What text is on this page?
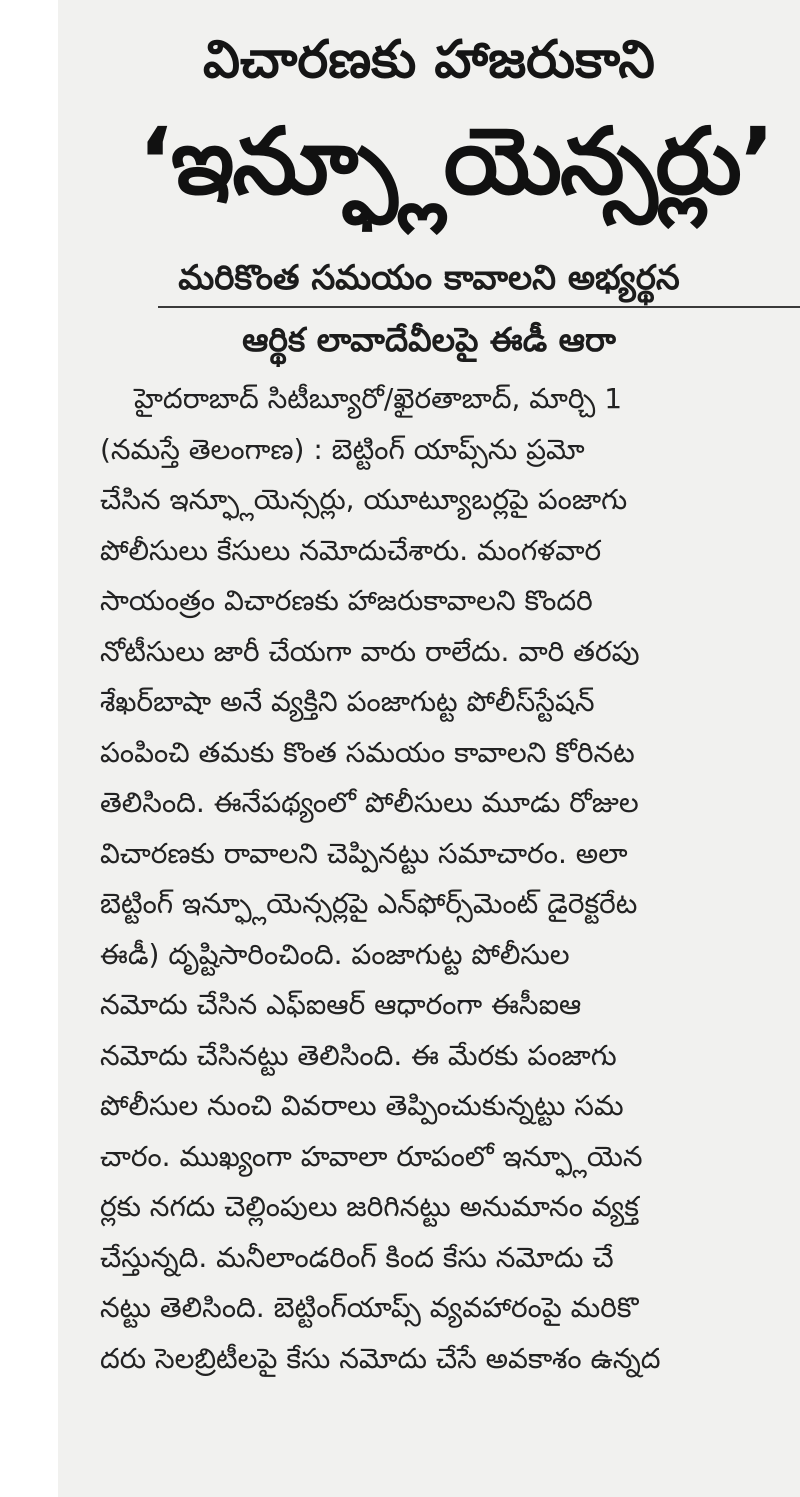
విచారణకు హాజరుకాని
‘ఇన్ఫ్లూయెన్సర్లు’
మరికొంత సమయం కావాలని అభ్యర్థన
ఆర్థిక లావాదేవీలపై ఈడీ ఆరా
హైదరాబాద్ సిటీబ్యూరో/ఖైరతాబాద్, మార్చి 1
(నమస్తే తెలంగాణ) : బెట్టింగ్ యాప్స్‌ను ప్రమో
చేసిన ఇన్ఫ్లూయెన్సర్లు, యూట్యూబర్లపై పంజాగు
పోలీసులు కేసులు నమోదుచేశారు. మంగళవార
సాయంత్రం విచారణకు హాజరుకావాలని కొందరి
నోటీసులు జారీ చేయగా వారు రాలేదు. వారి తరపు
శేఖర్‌బాషా అనే వ్యక్తిని పంజాగుట్ట పోలీస్‌స్టేషన్‌
పంపించి తమకు కొంత సమయం కావాలని కోరినట
తెలిసింది. ఈనేపథ్యంలో పోలీసులు మూడు రోజుల
విచారణకు రావాలని చెప్పినట్టు సమాచారం. అలా
బెట్టింగ్ ఇన్ఫ్లూయెన్సర్లపై ఎన్‌ఫోర్స్‌మెంట్ డైరెక్టరేట
ఈడీ) దృష్టిసారించింది. పంజాగుట్ట పోలీసుల
నమోదు చేసిన ఎఫ్‌ఐఆర్ ఆధారంగా ఈసీఐఆ
నమోదు చేసినట్టు తెలిసింది. ఈ మేరకు పంజాగు
పోలీసుల నుంచి వివరాలు తెప్పించుకున్నట్టు సమ
చారం. ముఖ్యంగా హవాలా రూపంలో ఇన్ఫ్లూయెన
ర్లకు నగదు చెల్లింపులు జరిగినట్టు అనుమానం వ్యక్త
చేస్తున్నది. మనీలాండరింగ్ కింద కేసు నమోదు చే
నట్టు తెలిసింది. బెట్టింగ్‌యాప్స్ వ్యవహారంపై మరికొ
దరు సెలబ్రిటీలపై కేసు నమోదు చేసే అవకాశం ఉన్నద
